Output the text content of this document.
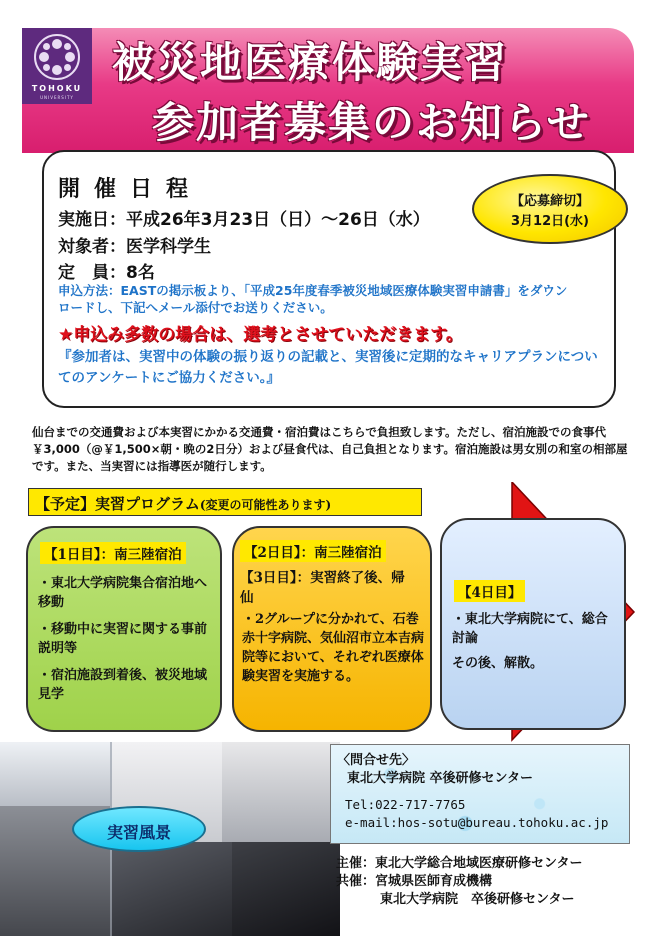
TOHOKU
UNIVERSITY
被災地医療体験実習
参加者募集のお知らせ
開催日程
実施日：平成26年3月23日（日）～26日（水）
対象者：医学科学生
定　員：8名
申込方法：EASTの掲示板より、「平成25年度春季被災地域医療体験実習申請書」をダウンロードし、下記へメール添付でお送りください。
★申込み多数の場合は、選考とさせていただきます。
『参加者は、実習中の体験の振り返りの記載と、実習後に定期的なキャリアプランについてのアンケートにご協力ください。』
【応募締切】
3月12日(水)
仙台までの交通費および本実習にかかる交通費・宿泊費はこちらで負担致します。ただし、宿泊施設での食事代￥3,000（@￥1,500×朝・晩の2日分）および昼食代は、自己負担となります。宿泊施設は男女別の和室の相部屋です。また、当実習には指導医が随行します。
【予定】実習プログラム(変更の可能性あります)
【1日目】：南三陸宿泊
・東北大学病院集合宿泊地へ移動
・移動中に実習に関する事前説明等
・宿泊施設到着後、被災地域見学
【2日目】：南三陸宿泊
【3日目】：実習終了後、帰仙
・2グループに分かれて、石巻赤十字病院、気仙沼市立本吉病院等において、それぞれ医療体験実習を実施する。
【4日目】
・東北大学病院にて、総合討論
その後、解散。
実習風景
〈問合せ先〉
東北大学病院 卒後研修センター
Tel:022-717-7765
e-mail:hos-sotu@bureau.tohoku.ac.jp
主催：東北大学総合地域医療研修センター
共催：宮城県医師育成機構
東北大学病院　卒後研修センター
